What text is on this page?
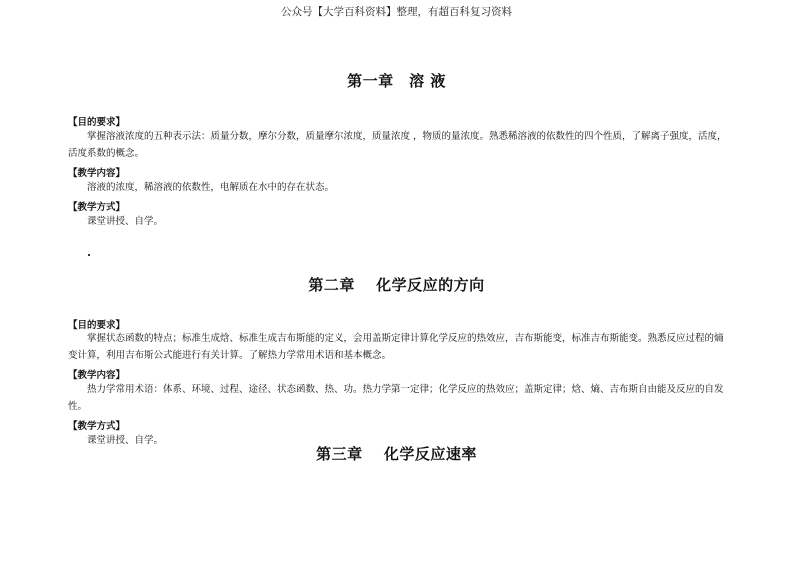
公众号【大学百科资料】整理，有超百科复习资料
第一章　溶 液
【目的要求】
掌握溶液浓度的五种表示法：质量分数，摩尔分数，质量摩尔浓度，质量浓度 ，物质的量浓度。熟悉稀溶液的依数性的四个性质，了解离子强度，活度，活度系数的概念。
【教学内容】
溶液的浓度，稀溶液的依数性，电解质在水中的存在状态。
【教学方式】
课堂讲授、自学。
第二章　 化学反应的方向
【目的要求】
掌握状态函数的特点；标准生成焓、标准生成吉布斯能的定义，会用盖斯定律计算化学反应的热效应，吉布斯能变，标准吉布斯能变。熟悉反应过程的熵变计算，利用吉布斯公式能进行有关计算。了解热力学常用术语和基本概念。
【教学内容】
热力学常用术语：体系、环境、过程、途径、状态函数、热、功。热力学第一定律；化学反应的热效应；盖斯定律；焓、熵、吉布斯自由能及反应的自发性。
【教学方式】
课堂讲授、自学。
第三章　 化学反应速率
